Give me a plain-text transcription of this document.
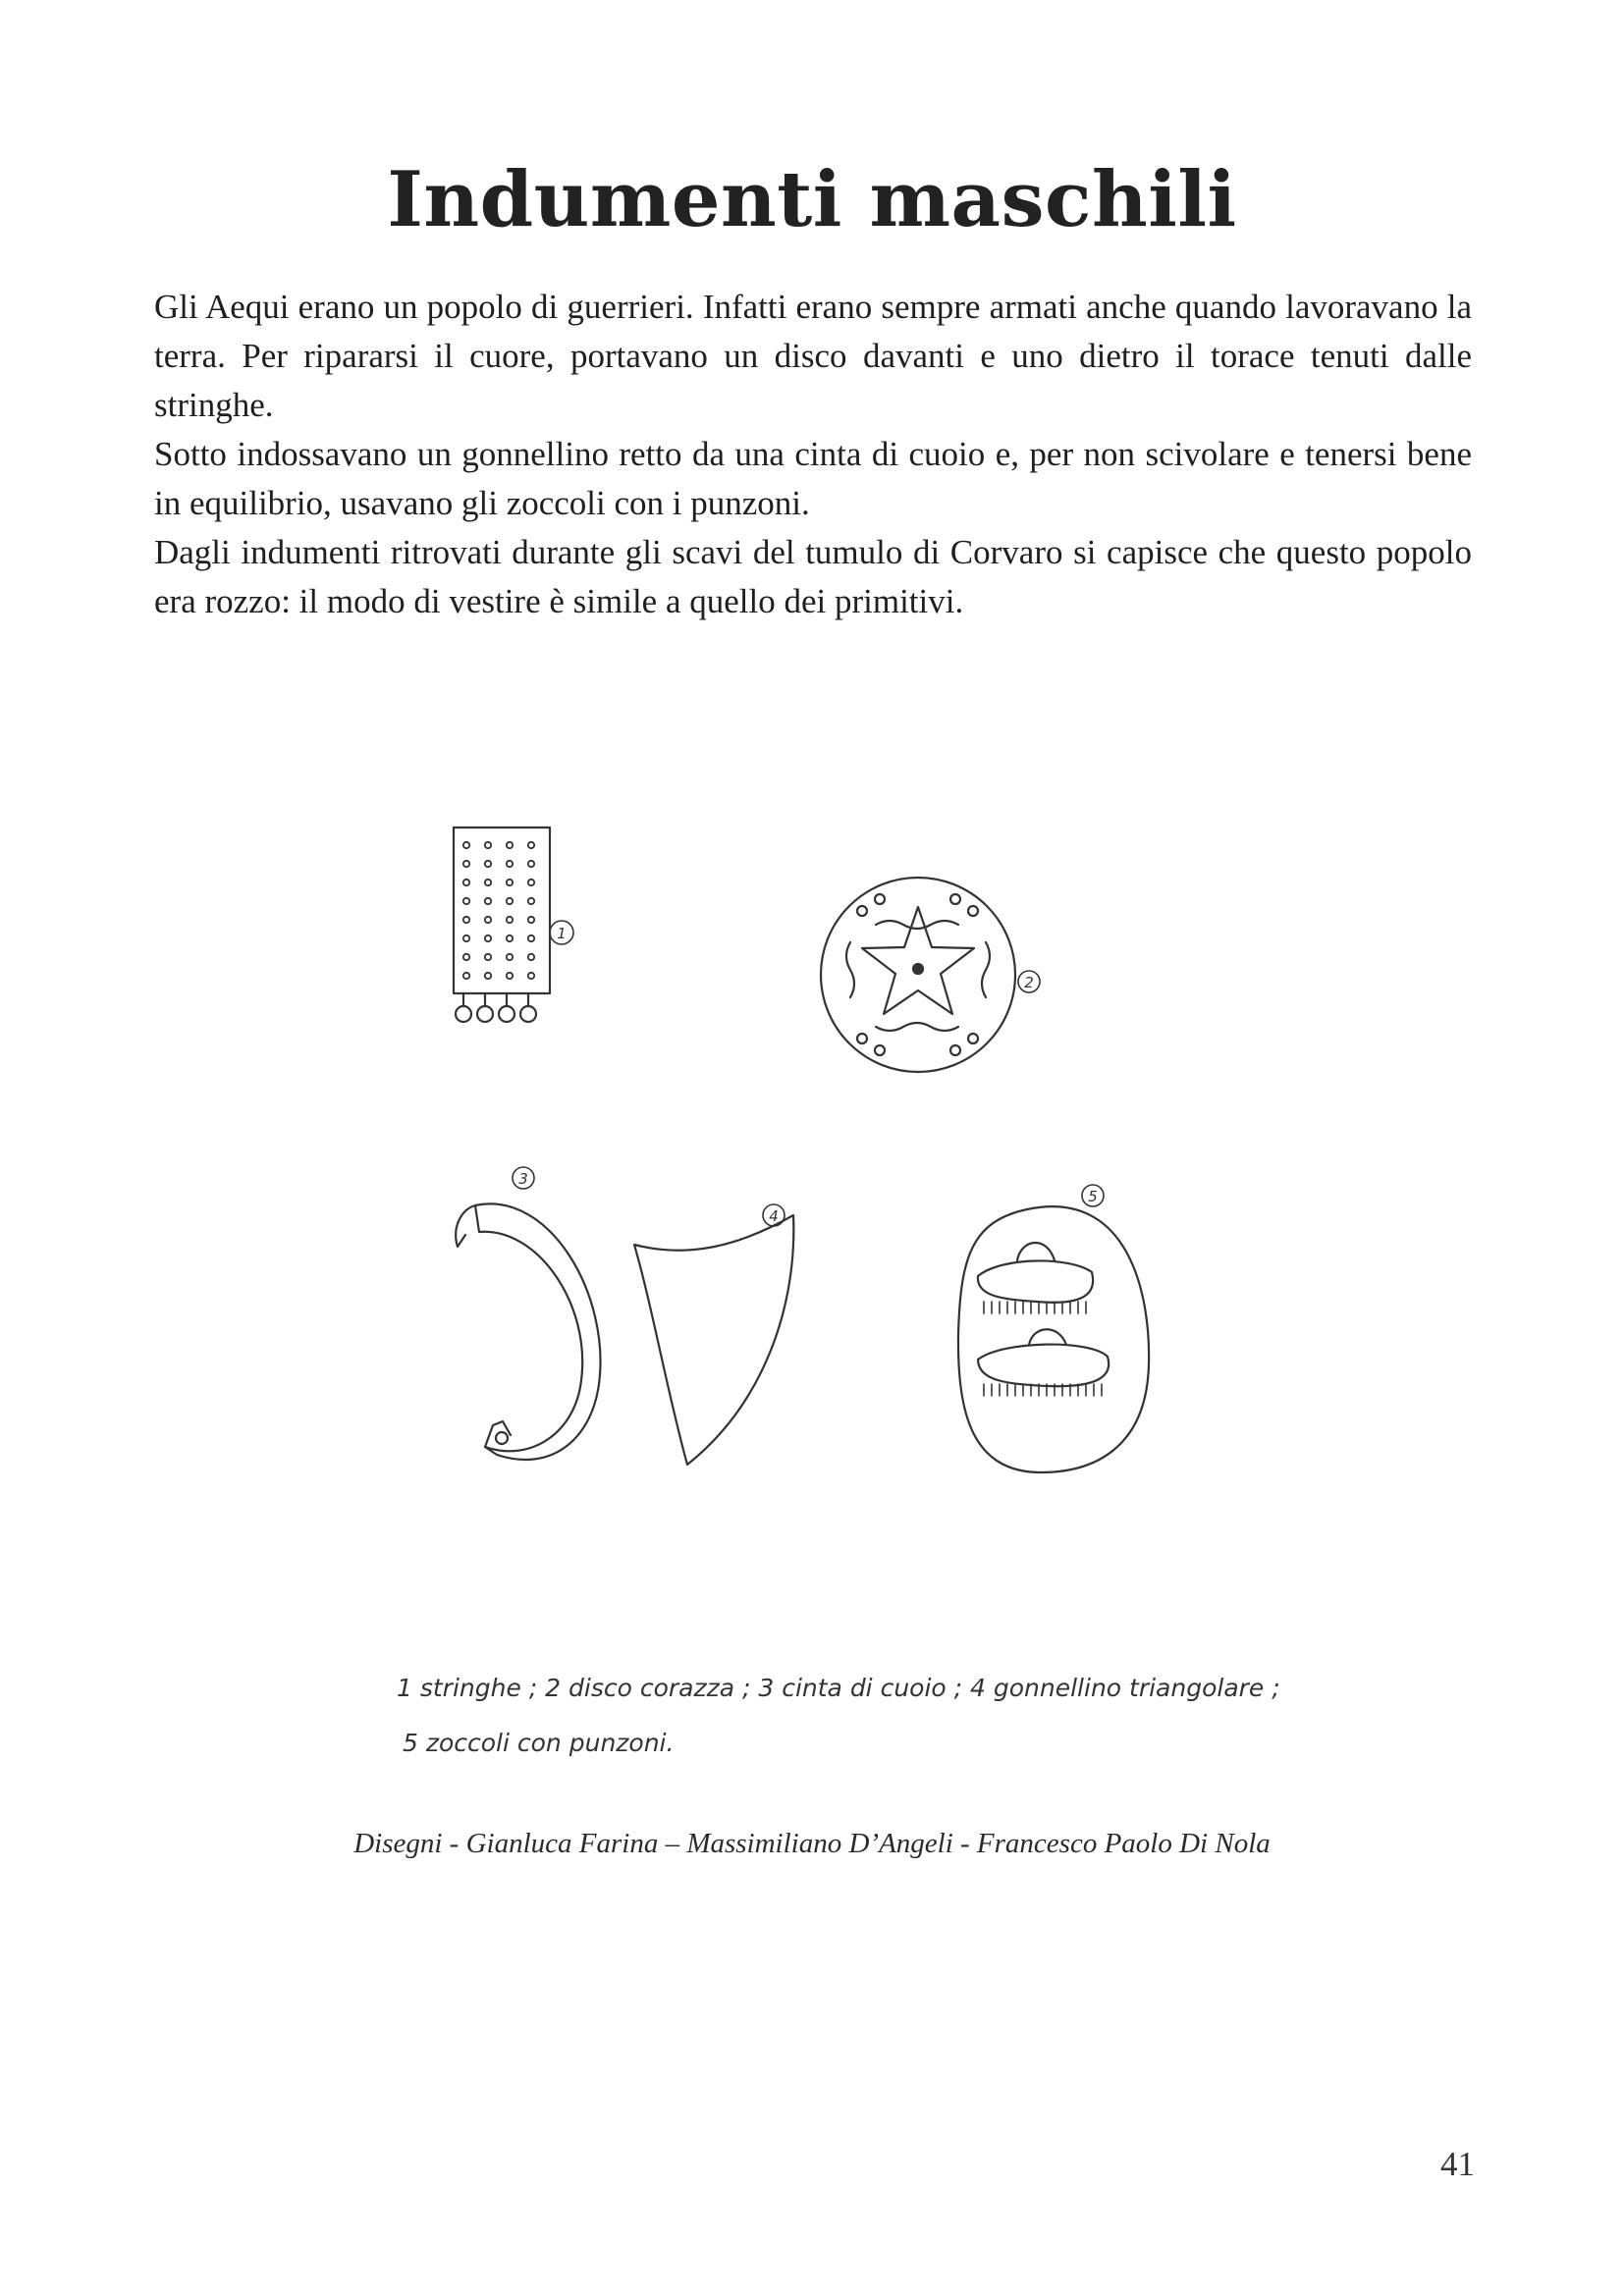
Indumenti maschili

Gli Aequi erano un popolo di guerrieri. Infatti erano sempre armati anche quando lavoravano la terra. Per ripararsi il cuore, portavano un disco davanti e uno dietro il torace tenuti dalle stringhe.

Sotto indossavano un gonnellino retto da una cinta di cuoio e, per non scivolare e tenersi bene in equilibrio, usavano gli zoccoli con i punzoni.

Dagli indumenti ritrovati durante gli scavi del tumulo di Corvaro si capisce che questo popolo era rozzo: il modo di vestire è simile a quello dei primitivi.

1
2
3
4
5
1 stringhe ; 2 disco corazza ; 3 cinta di cuoio ; 4 gonnellino triangolare ;
5 zoccoli con punzoni.
Disegni - Gianluca Farina – Massimiliano D’Angeli - Francesco Paolo Di Nola
41
